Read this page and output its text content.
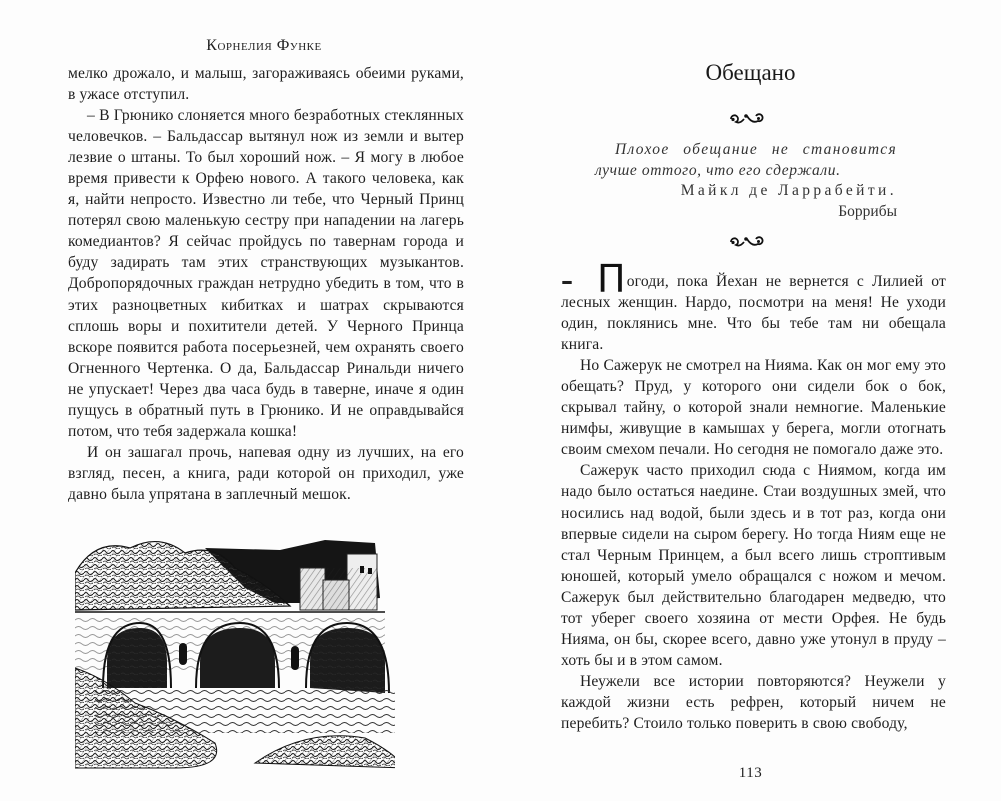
Корнелия Функе

мелко дрожало, и малыш, загораживаясь обеими руками, в ужасе отступил.

– В Грюнико слоняется много безработных стеклянных человечков. – Бальдассар вытянул нож из земли и вытер лезвие о штаны. То был хороший нож. – Я могу в любое время привести к Орфею нового. А такого человека, как я, найти непросто. Известно ли тебе, что Черный Принц потерял свою маленькую сестру при нападении на лагерь комедиантов? Я сейчас пройдусь по тавернам города и буду задирать там этих странствующих музыкантов. Добропорядочных граждан нетрудно убедить в том, что в этих разноцветных кибитках и шатрах скрываются сплошь воры и похитители детей. У Черного Принца вскоре появится работа посерьезней, чем охранять своего Огненного Чертенка. О да, Бальдассар Ринальди ничего не упускает! Через два часа будь в таверне, иначе я один пущусь в обратный путь в Грюнико. И не оправдывайся потом, что тебя задержала кошка!

И он зашагал прочь, напевая одну из лучших, на его взгляд, песен, а книга, ради которой он приходил, уже давно была упрятана в заплечный мешок.

Обещано
Плохое обещание не становится
лучше оттого, что его сдержали.
Майкл де Ларрабейти.
Боррибы

– Погоди, пока Йехан не вернется с Лилией от лесных женщин. Нардо, посмотри на меня! Не уходи один, поклянись мне. Что бы тебе там ни обещала книга.

Но Сажерук не смотрел на Нияма. Как он мог ему это обещать? Пруд, у которого они сидели бок о бок, скрывал тайну, о которой знали немногие. Маленькие нимфы, живущие в камышах у берега, могли отогнать своим смехом печали. Но сегодня не помогало даже это.

Сажерук часто приходил сюда с Ниямом, когда им надо было остаться наедине. Стаи воздушных змей, что носились над водой, были здесь и в тот раз, когда они впервые сидели на сыром берегу. Но тогда Ниям еще не стал Черным Принцем, а был всего лишь строптивым юношей, который умело обращался с ножом и мечом. Сажерук был действительно благодарен медведю, что тот уберег своего хозяина от мести Орфея. Не будь Нияма, он бы, скорее всего, давно уже утонул в пруду – хоть бы и в этом самом.

Неужели все истории повторяются? Неужели у каждой жизни есть рефрен, который ничем не перебить? Стоило только поверить в свою свободу,

113
